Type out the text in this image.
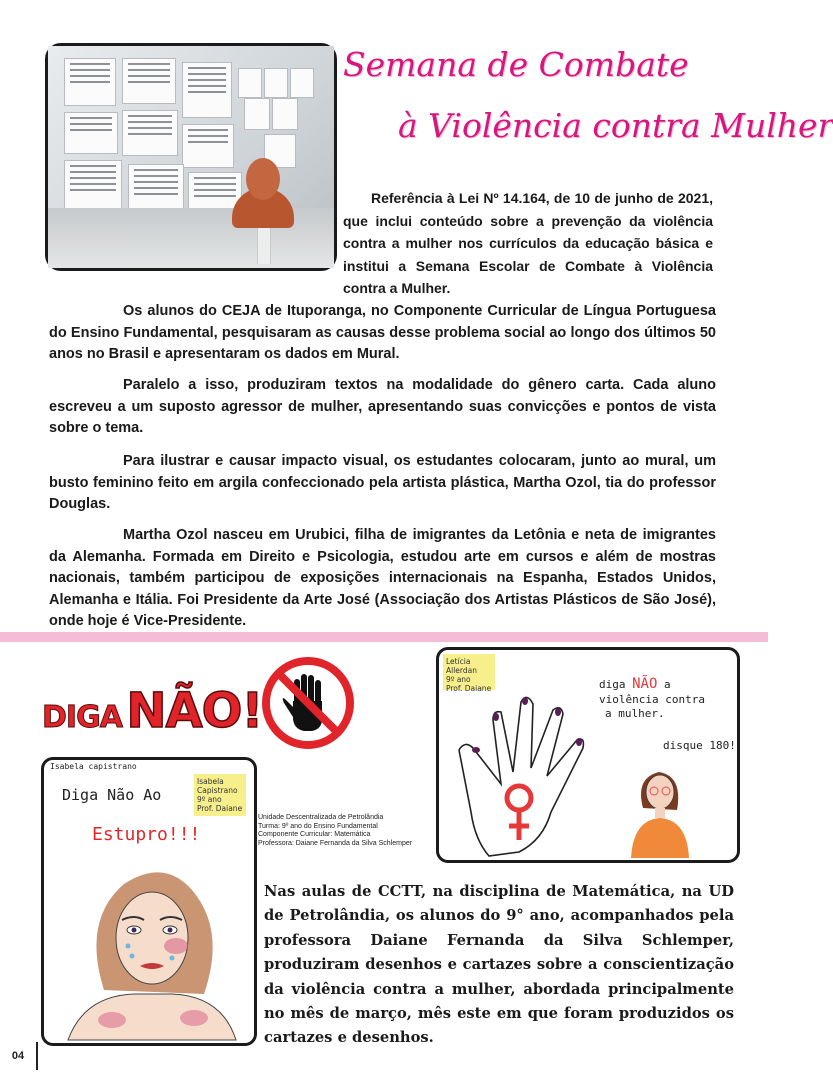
Semana de Combate
à Violência contra Mulher

Referência à Lei Nº 14.164, de 10 de junho de 2021, que inclui conteúdo sobre a prevenção da violência contra a mulher nos currículos da educação básica e institui a Semana Escolar de Combate à Violência contra a Mulher.

Os alunos do CEJA de Ituporanga, no Componente Curricular de Língua Portuguesa do Ensino Fundamental, pesquisaram as causas desse problema social ao longo dos últimos 50 anos no Brasil e apresentaram os dados em Mural.

Paralelo a isso, produziram textos na modalidade do gênero carta. Cada aluno escreveu a um suposto agressor de mulher, apresentando suas convicções e pontos de vista sobre o tema.

Para ilustrar e causar impacto visual, os estudantes colocaram, junto ao mural, um busto feminino feito em argila confeccionado pela artista plástica, Martha Ozol, tia do professor Douglas.

Martha Ozol nasceu em Urubici, filha de imigrantes da Letônia e neta de imigrantes da Alemanha. Formada em Direito e Psicologia, estudou arte em cursos e além de mostras nacionais, também participou de exposições internacionais na Espanha, Estados Unidos, Alemanha e Itália. Foi Presidente da Arte José (Associação dos Artistas Plásticos de São José), onde hoje é Vice-Presidente.

DIGA NÃO!
Letícia Allerdan
9º ano
Prof. Daiane	diga NÃO a
violência contra
a mulher.
disque 180!
Isabela capistrano
Isabela
Capistrano
9º ano
Prof. Daiane
Diga Não Ao
Estupro!!!
Unidade Descentralizada de Petrolândia
Turma: 9º ano do Ensino Fundamental
Componente Curricular: Matemática
Professora: Daiane Fernanda da Silva Schlemper

Nas aulas de CCTT, na disciplina de Matemática, na UD de Petrolândia, os alunos do 9° ano, acompanhados pela professora Daiane Fernanda da Silva Schlemper, produziram desenhos e cartazes sobre a conscientização da violência contra a mulher, abordada principalmente no mês de março, mês este em que foram produzidos os cartazes e desenhos.

04
